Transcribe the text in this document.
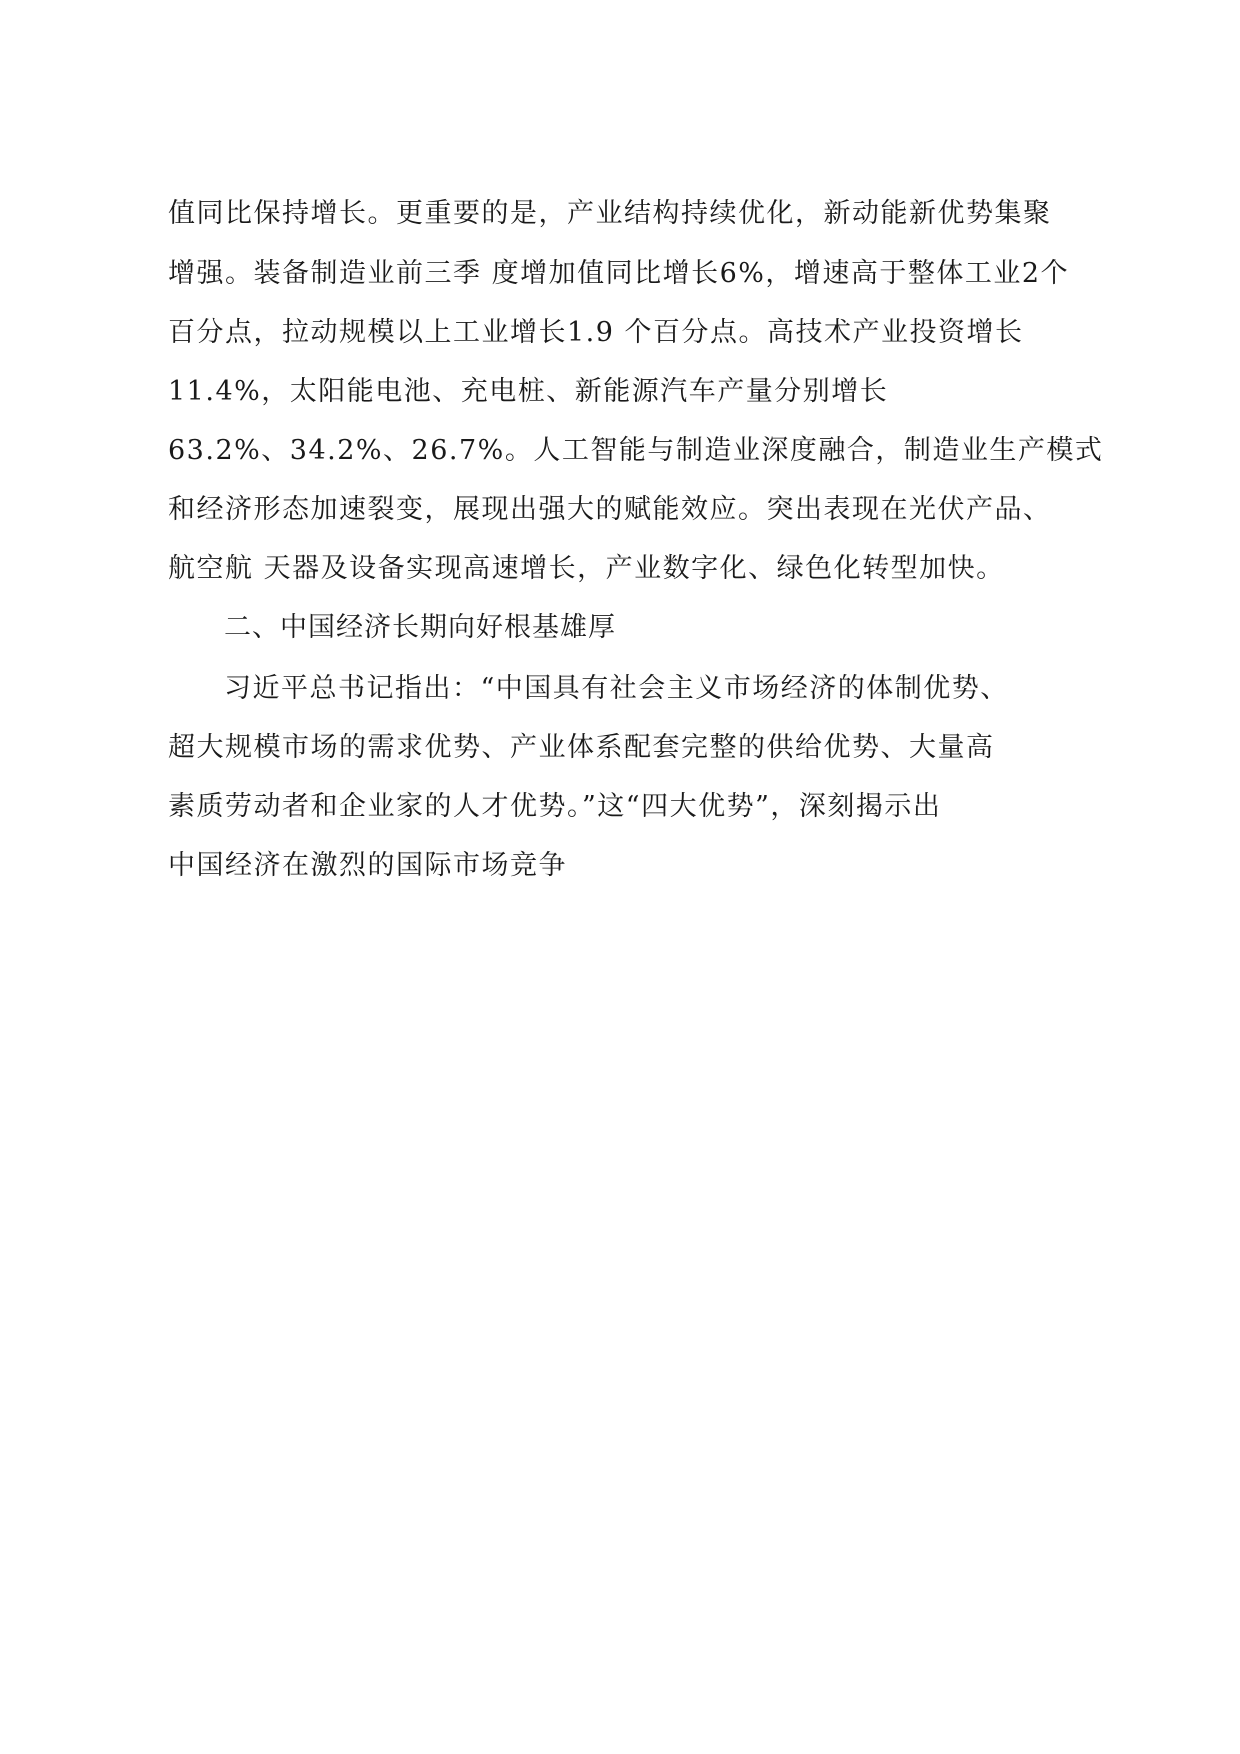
值同比保持增长。更重要的是，产业结构持续优化，新动能新优势集聚
增强。装备制造业前三季 度增加值同比增长6%，增速高于整体工业2个
百分点，拉动规模以上工业增长1.9 个百分点。高技术产业投资增长
11.4%，太阳能电池、充电桩、新能源汽车产量分别增长
63.2%、34.2%、26.7%。人工智能与制造业深度融合，制造业生产模式
和经济形态加速裂变，展现出强大的赋能效应。突出表现在光伏产品、
航空航 天器及设备实现高速增长，产业数字化、绿色化转型加快。
二、中国经济长期向好根基雄厚
习近平总书记指出：“中国具有社会主义市场经济的体制优势、
超大规模市场的需求优势、产业体系配套完整的供给优势、大量高
素质劳动者和企业家的人才优势。”这“四大优势”，深刻揭示出
中国经济在激烈的国际市场竞争
